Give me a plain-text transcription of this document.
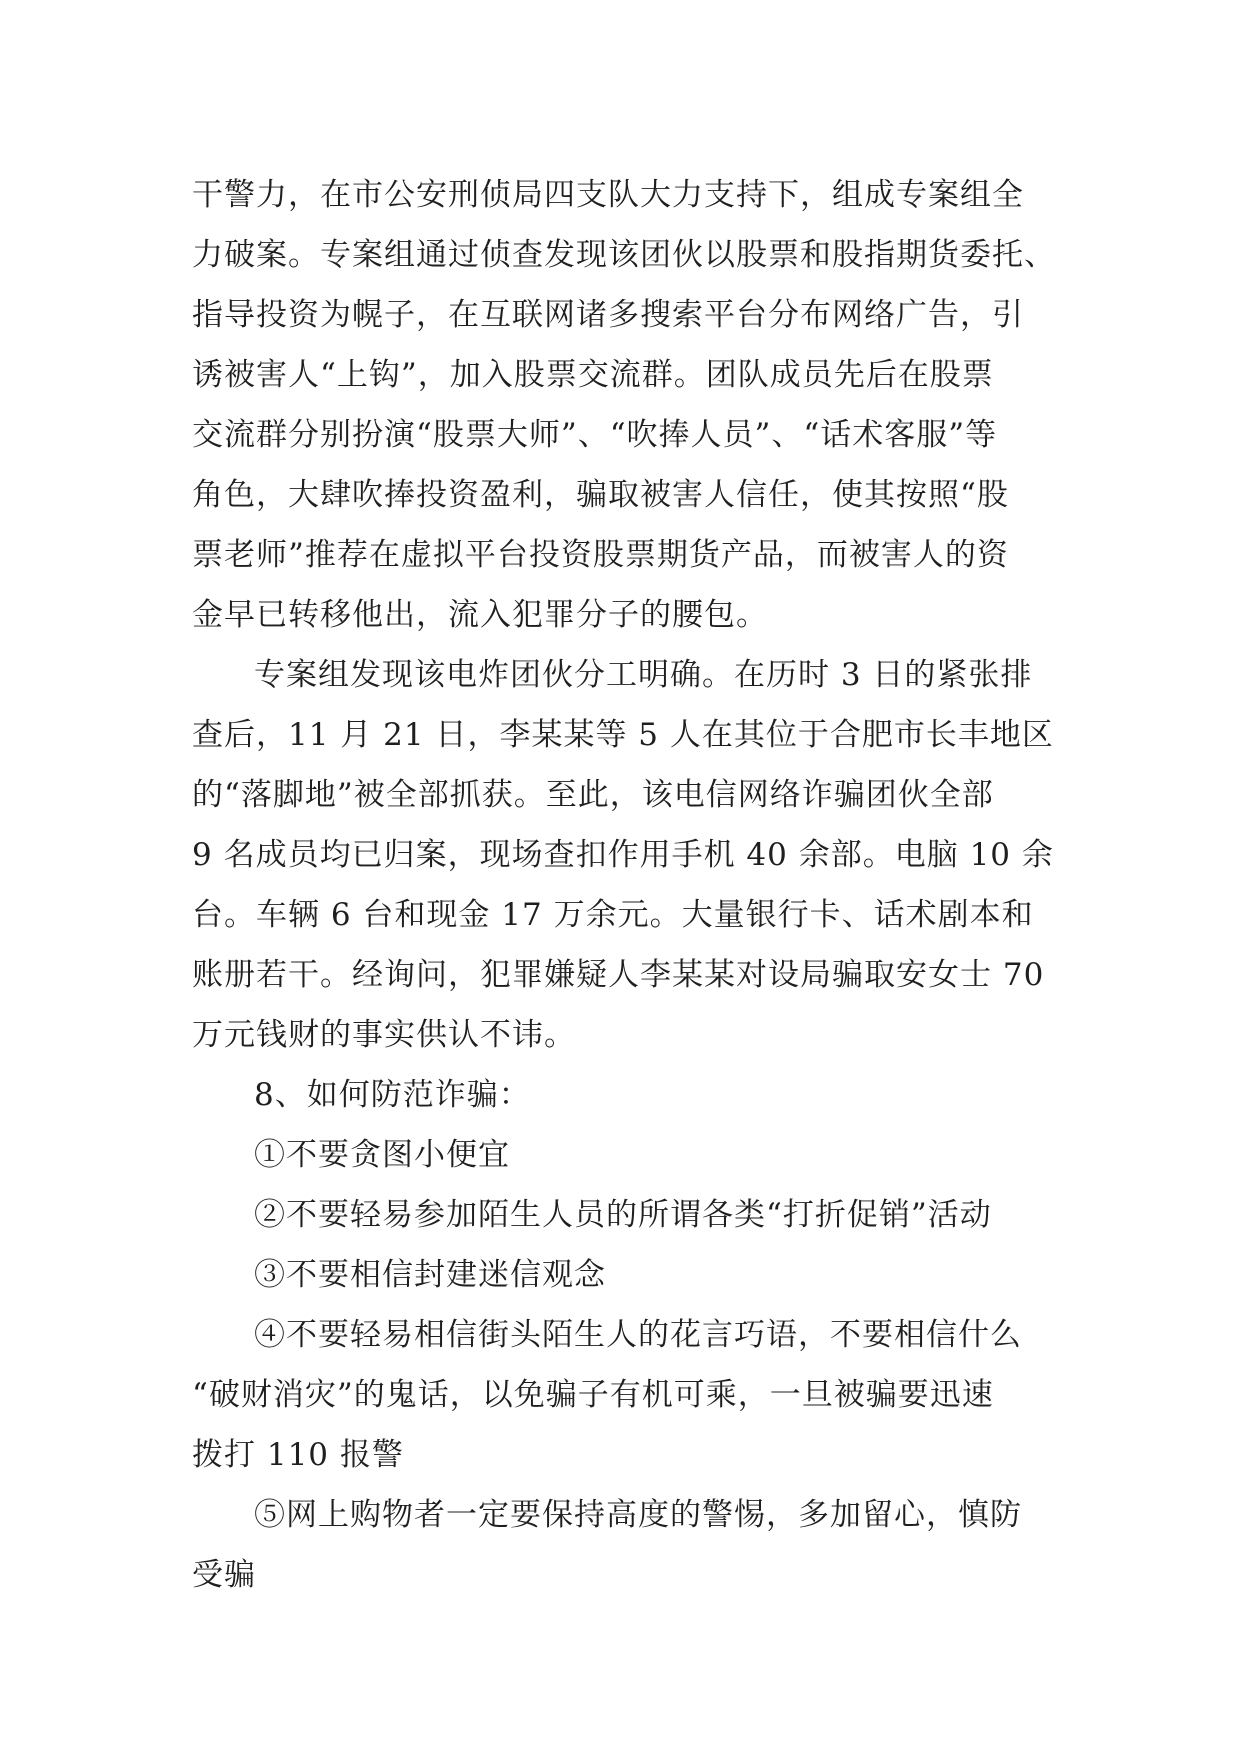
干警力，在市公安刑侦局四支队大力支持下，组成专案组全
力破案。专案组通过侦查发现该团伙以股票和股指期货委托、
指导投资为幌子，在互联网诸多搜索平台分布网络广告，引
诱被害人“上钩”，加入股票交流群。团队成员先后在股票
交流群分别扮演“股票大师”、“吹捧人员”、“话术客服”等
角色，大肆吹捧投资盈利，骗取被害人信任，使其按照“股
票老师”推荐在虚拟平台投资股票期货产品，而被害人的资
金早已转移他出，流入犯罪分子的腰包。
专案组发现该电炸团伙分工明确。在历时 3 日的紧张排
查后，11 月 21 日，李某某等 5 人在其位于合肥市长丰地区
的“落脚地”被全部抓获。至此，该电信网络诈骗团伙全部
9 名成员均已归案，现场查扣作用手机 40 余部。电脑 10 余
台。车辆 6 台和现金 17 万余元。大量银行卡、话术剧本和
账册若干。经询问，犯罪嫌疑人李某某对设局骗取安女士 70
万元钱财的事实供认不讳。
8、如何防范诈骗：
①不要贪图小便宜
②不要轻易参加陌生人员的所谓各类“打折促销”活动
③不要相信封建迷信观念
④不要轻易相信街头陌生人的花言巧语，不要相信什么
“破财消灾”的鬼话，以免骗子有机可乘，一旦被骗要迅速
拨打 110 报警
⑤网上购物者一定要保持高度的警惕，多加留心，慎防
受骗
